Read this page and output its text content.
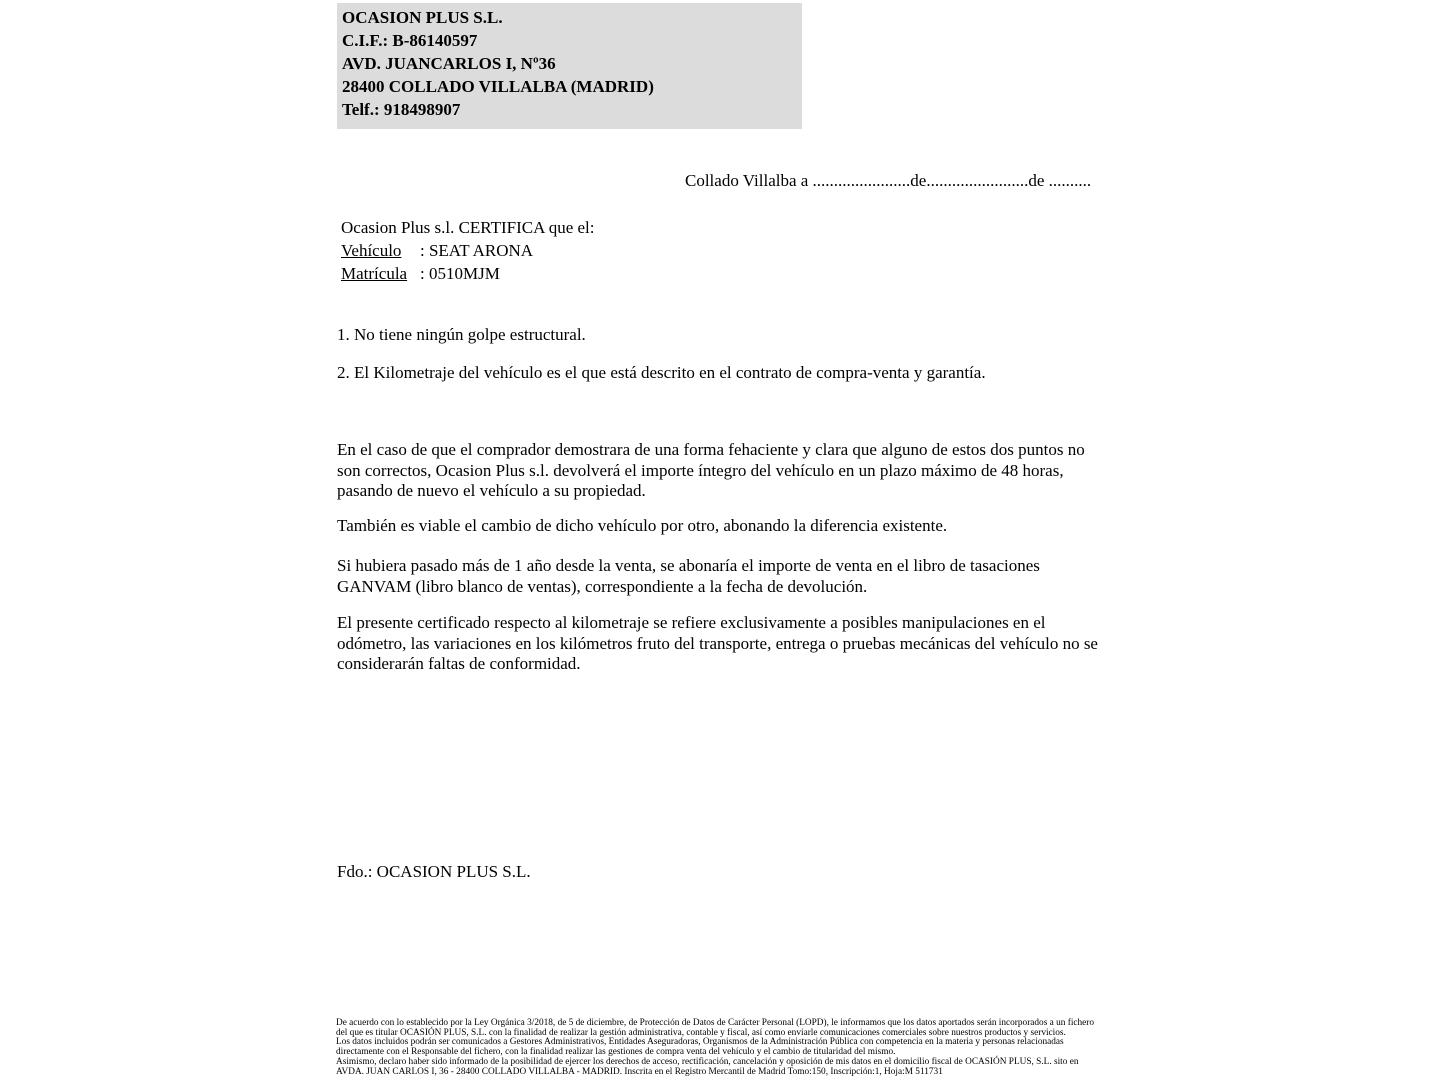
OCASION PLUS S.L.
C.I.F.: B-86140597
AVD. JUANCARLOS I, Nº36
28400 COLLADO VILLALBA (MADRID)
Telf.: 918498907
Collado Villalba a .......................de........................de ..........
Ocasion Plus s.l. CERTIFICA que el:
Vehículo : SEAT ARONA
Matrícula : 0510MJM
1. No tiene ningún golpe estructural.
2. El Kilometraje del vehículo es el que está descrito en el contrato de compra-venta y garantía.

En el caso de que el comprador demostrara de una forma fehaciente y clara que alguno de estos dos puntos no son correctos, Ocasion Plus s.l. devolverá el importe íntegro del vehículo en un plazo máximo de 48 horas, pasando de nuevo el vehículo a su propiedad.

También es viable el cambio de dicho vehículo por otro, abonando la diferencia existente.

Si hubiera pasado más de 1 año desde la venta, se abonaría el importe de venta en el libro de tasaciones GANVAM (libro blanco de ventas), correspondiente a la fecha de devolución.

El presente certificado respecto al kilometraje se refiere exclusivamente a posibles manipulaciones en el odómetro, las variaciones en los kilómetros fruto del transporte, entrega o pruebas mecánicas del vehículo no se considerarán faltas de conformidad.

Fdo.: OCASION PLUS S.L.
De acuerdo con lo establecido por la Ley Orgánica 3/2018, de 5 de diciembre, de Protección de Datos de Carácter Personal (LOPD), le informamos que los datos aportados serán incorporados a un fichero del que es titular OCASIÓN PLUS, S.L. con la finalidad de realizar la gestión administrativa, contable y fiscal, así como enviarle comunicaciones comerciales sobre nuestros productos y servicios.
Los datos incluidos podrán ser comunicados a Gestores Administrativos, Entidades Aseguradoras, Organismos de la Administración Pública con competencia en la materia y personas relacionadas directamente con el Responsable del fichero, con la finalidad realizar las gestiones de compra venta del vehículo y el cambio de titularidad del mismo.
Asimismo, declaro haber sido informado de la posibilidad de ejercer los derechos de acceso, rectificación, cancelación y oposición de mis datos en el domicilio fiscal de OCASIÓN PLUS, S.L. sito en AVDA. JUAN CARLOS I, 36 - 28400 COLLADO VILLALBA - MADRID. Inscrita en el Registro Mercantil de Madrid Tomo:150, Inscripción:1, Hoja:M 511731
